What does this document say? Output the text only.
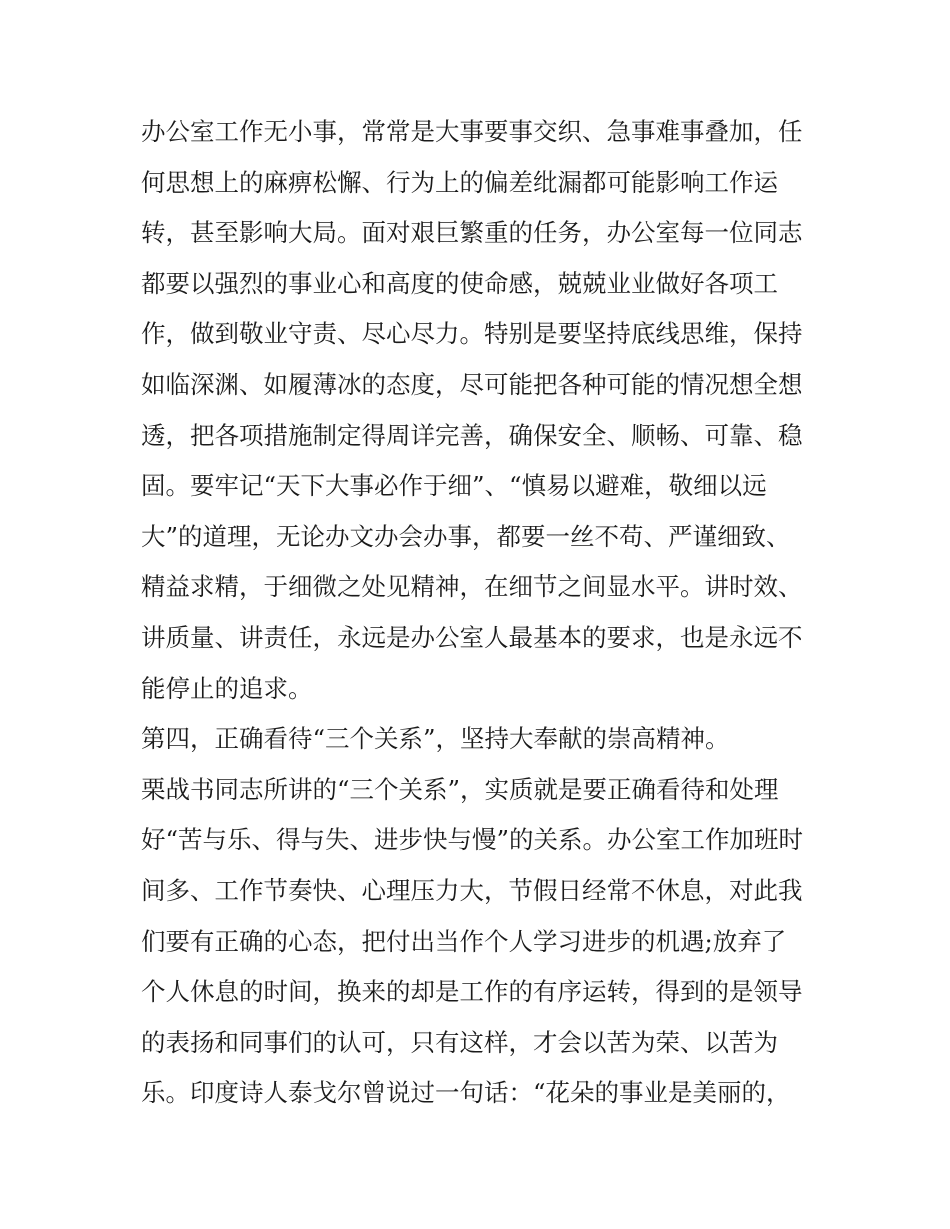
办公室工作无小事，常常是大事要事交织、急事难事叠加，任
何思想上的麻痹松懈、行为上的偏差纰漏都可能影响工作运
转，甚至影响大局。面对艰巨繁重的任务，办公室每一位同志
都要以强烈的事业心和高度的使命感，兢兢业业做好各项工
作，做到敬业守责、尽心尽力。特别是要坚持底线思维，保持
如临深渊、如履薄冰的态度，尽可能把各种可能的情况想全想
透，把各项措施制定得周详完善，确保安全、顺畅、可靠、稳
固。要牢记“天下大事必作于细”、“慎易以避难，敬细以远
大”的道理，无论办文办会办事，都要一丝不苟、严谨细致、
精益求精，于细微之处见精神，在细节之间显水平。讲时效、
讲质量、讲责任，永远是办公室人最基本的要求，也是永远不
能停止的追求。
第四，正确看待“三个关系”，坚持大奉献的崇高精神。
栗战书同志所讲的“三个关系”，实质就是要正确看待和处理
好“苦与乐、得与失、进步快与慢”的关系。办公室工作加班时
间多、工作节奏快、心理压力大，节假日经常不休息，对此我
们要有正确的心态，把付出当作个人学习进步的机遇;放弃了
个人休息的时间，换来的却是工作的有序运转，得到的是领导
的表扬和同事们的认可，只有这样，才会以苦为荣、以苦为
乐。印度诗人泰戈尔曾说过一句话：“花朵的事业是美丽的，
